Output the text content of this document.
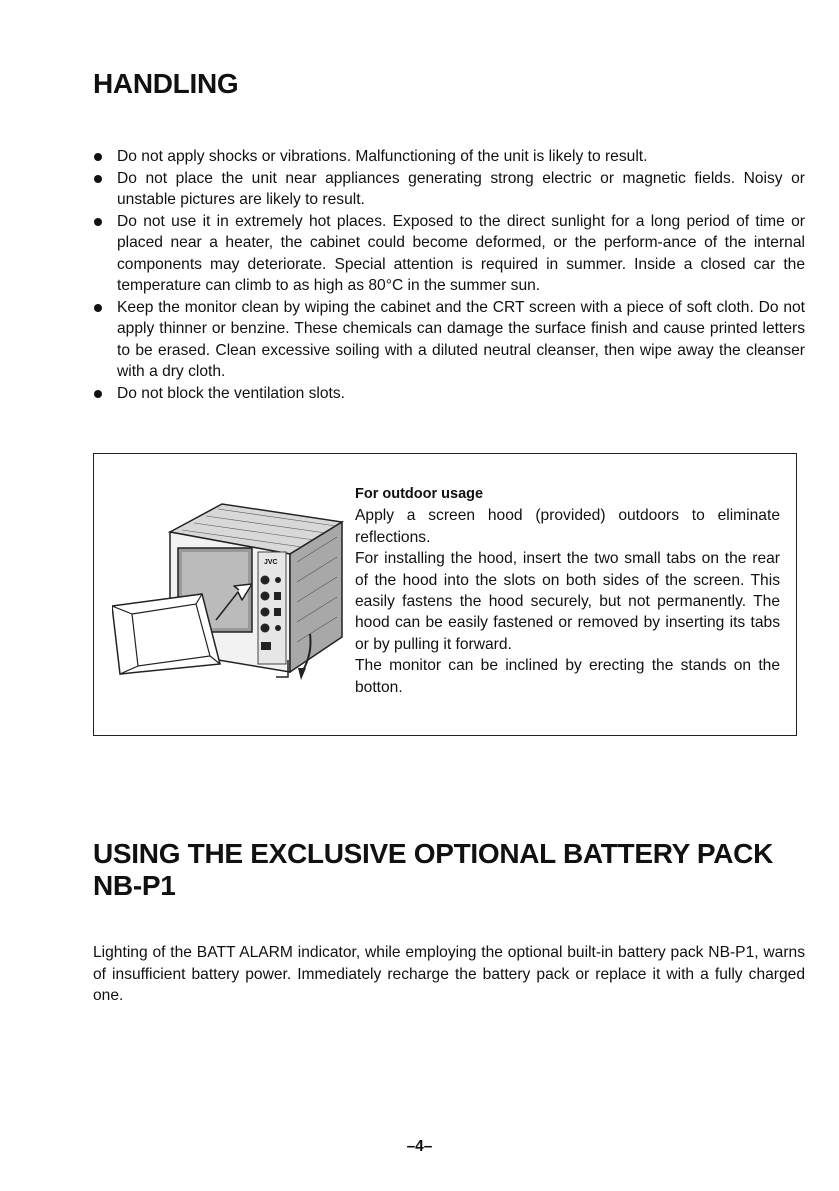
HANDLING
Do not apply shocks or vibrations. Malfunctioning of the unit is likely to result.
Do not place the unit near appliances generating strong electric or magnetic fields. Noisy or unstable pictures are likely to result.
Do not use it in extremely hot places. Exposed to the direct sunlight for a long period of time or placed near a heater, the cabinet could become deformed, or the perform-ance of the internal components may deteriorate. Special attention is required in summer. Inside a closed car the temperature can climb to as high as 80°C in the summer sun.
Keep the monitor clean by wiping the cabinet and the CRT screen with a piece of soft cloth. Do not apply thinner or benzine. These chemicals can damage the surface finish and cause printed letters to be erased. Clean excessive soiling with a diluted neutral cleanser, then wipe away the cleanser with a dry cloth.
Do not block the ventilation slots.
JVC

For outdoor usage

Apply a screen hood (provided) outdoors to eliminate reflections.

For installing the hood, insert the two small tabs on the rear of the hood into the slots on both sides of the screen. This easily fastens the hood securely, but not permanently. The hood can be easily fastened or removed by inserting its tabs or by pulling it forward.

The monitor can be inclined by erecting the stands on the botton.

USING THE EXCLUSIVE OPTIONAL BATTERY PACK NB-P1

Lighting of the BATT ALARM indicator, while employing the optional built-in battery pack NB-P1, warns of insufficient battery power. Immediately recharge the battery pack or replace it with a fully charged one.

–4–
